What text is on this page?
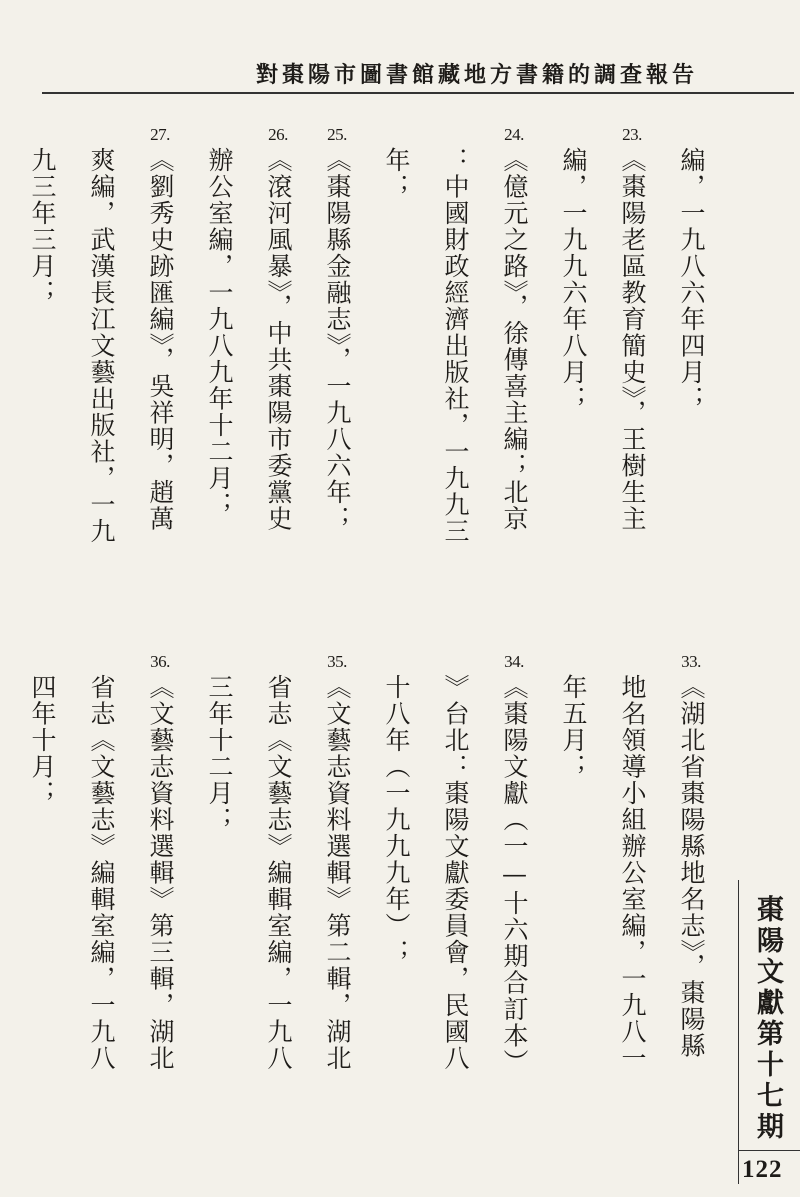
對棗陽市圖書館藏地方書籍的調查報告
編，一九八六年四月；
23.
《棗陽老區教育簡史》，王樹生主
編，一九九六年八月；
24.
《億元之路》，徐傳喜主編；北京
：中國財政經濟出版社，一九九三
年；
25.
《棗陽縣金融志》，一九八六年；
26.
《滾河風暴》，中共棗陽市委黨史
辦公室編，一九八九年十二月；
27.
《劉秀史跡匯編》，吳祥明，趙萬
爽編，武漢長江文藝出版社，一九
九三年三月；
33.
《湖北省棗陽縣地名志》，棗陽縣
地名領導小組辦公室編，一九八一
年五月；
34.
《棗陽文獻（一—十六期合訂本）
》台北：棗陽文獻委員會，民國八
十八年（一九九九年）；
35.
《文藝志資料選輯》第二輯，湖北
省志《文藝志》編輯室編，一九八
三年十二月；
36.
《文藝志資料選輯》第三輯，湖北
省志《文藝志》編輯室編，一九八
四年十月；
棗陽文獻第十七期
122
